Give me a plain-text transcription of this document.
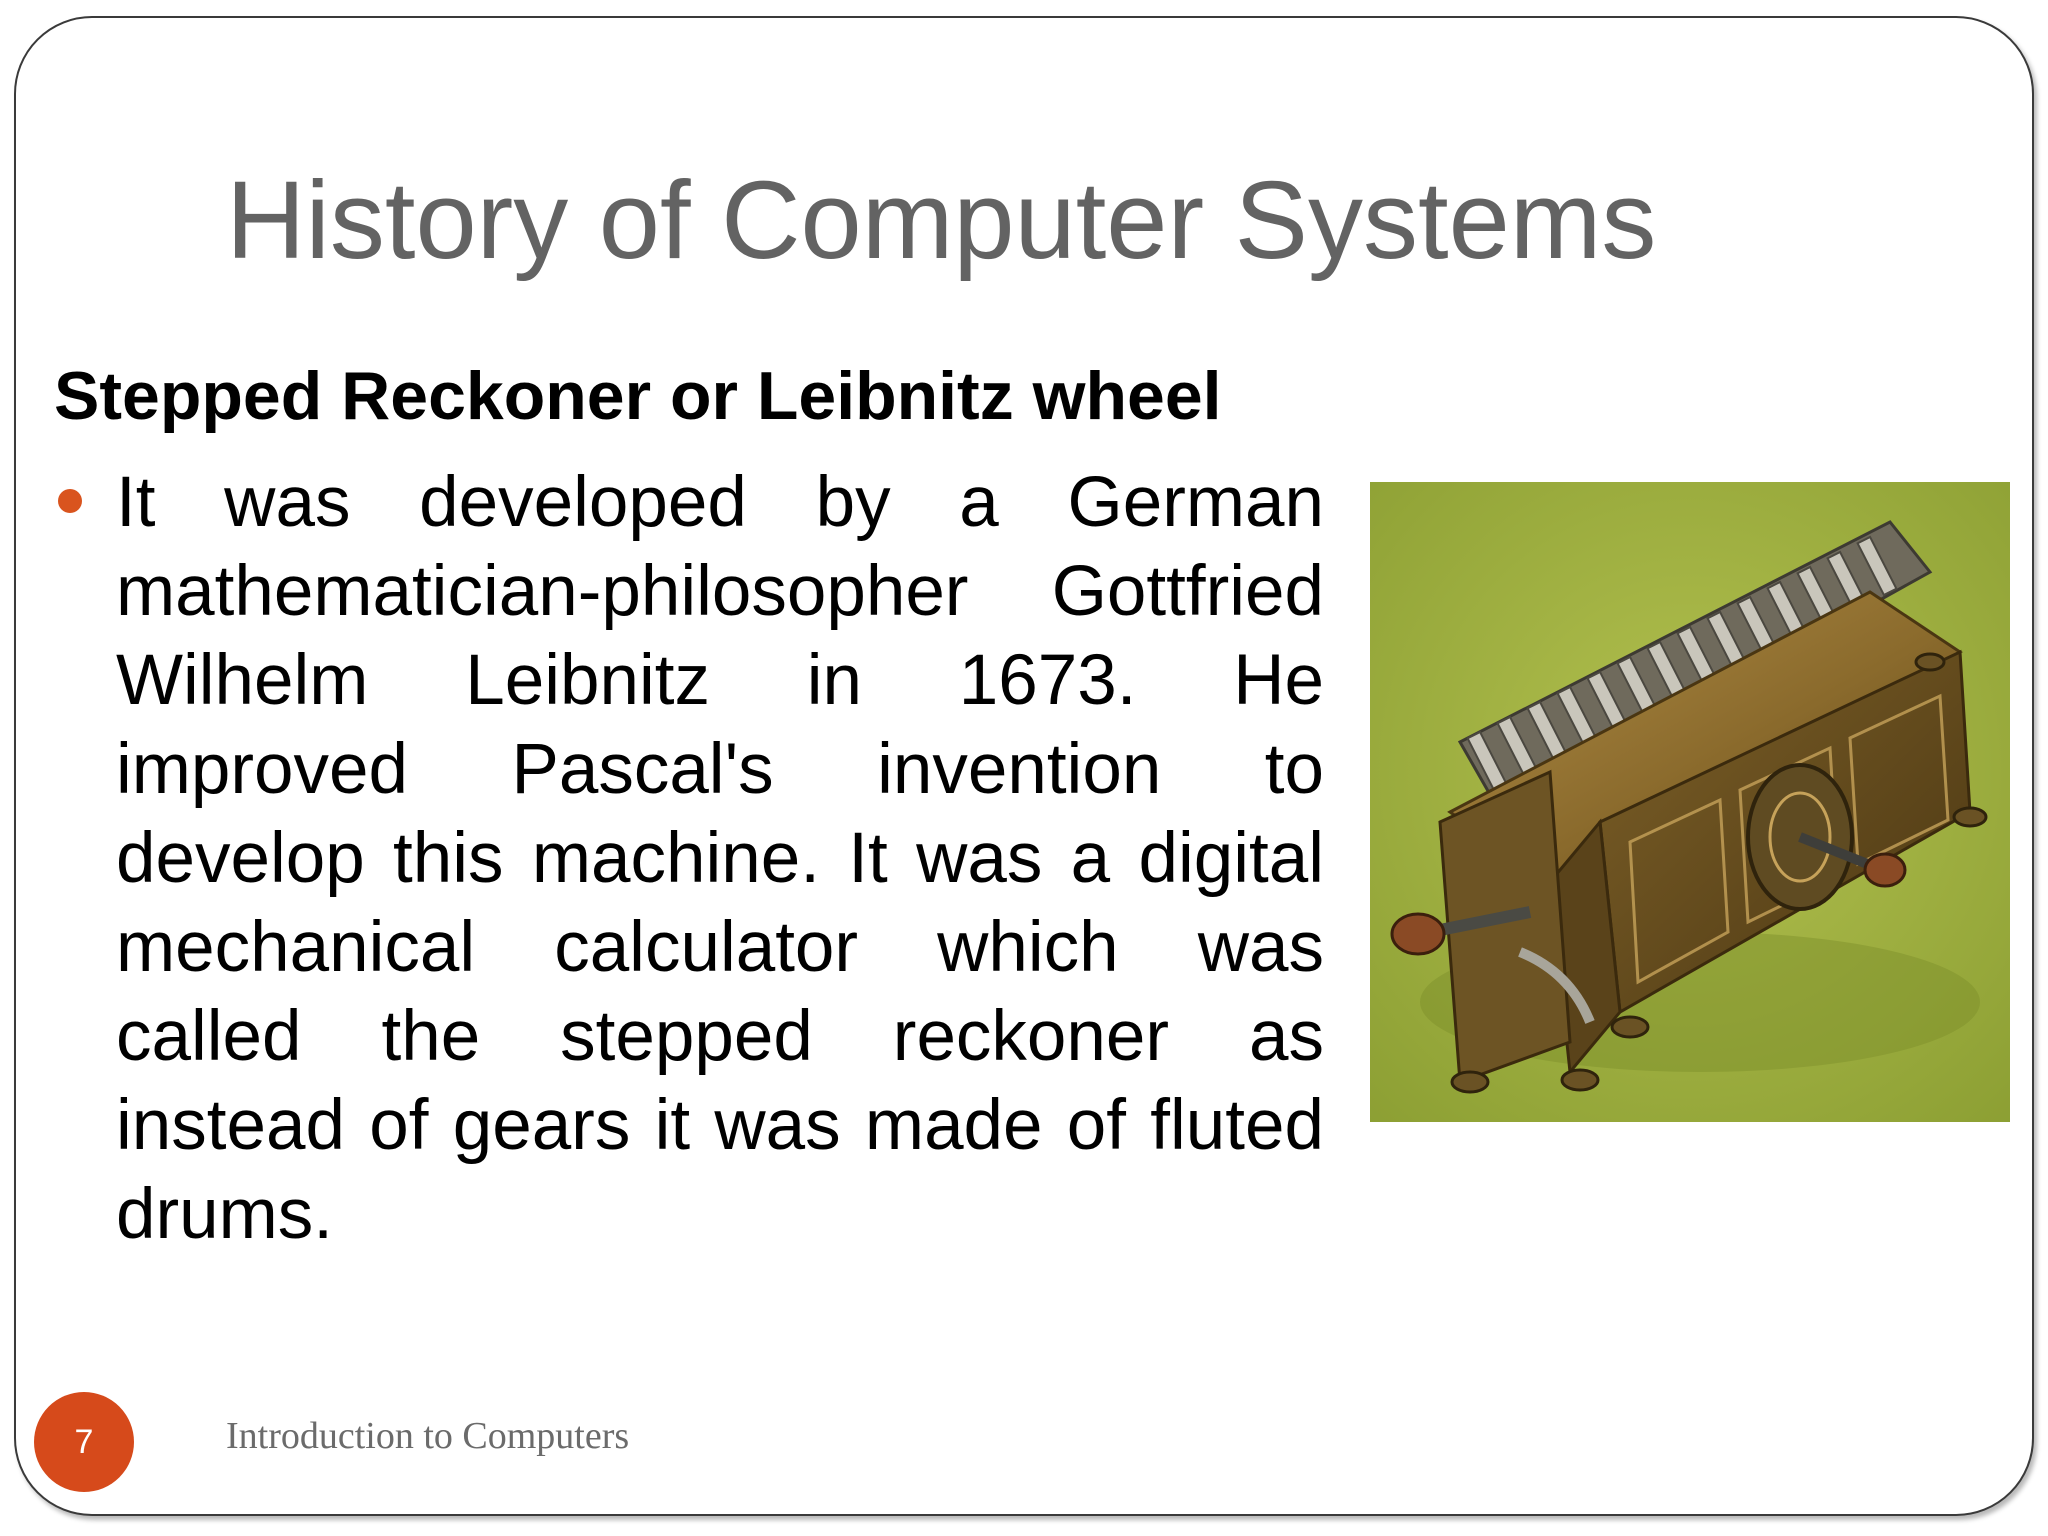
History of Computer Systems
Stepped Reckoner or Leibnitz wheel

It was developed by a German mathematician-philosopher Gottfried Wilhelm Leibnitz in 1673. He improved Pascal's invention to develop this machine. It was a digital mechanical calculator which was called the stepped reckoner as instead of gears it was made of fluted drums.

7	Introduction to Computers
